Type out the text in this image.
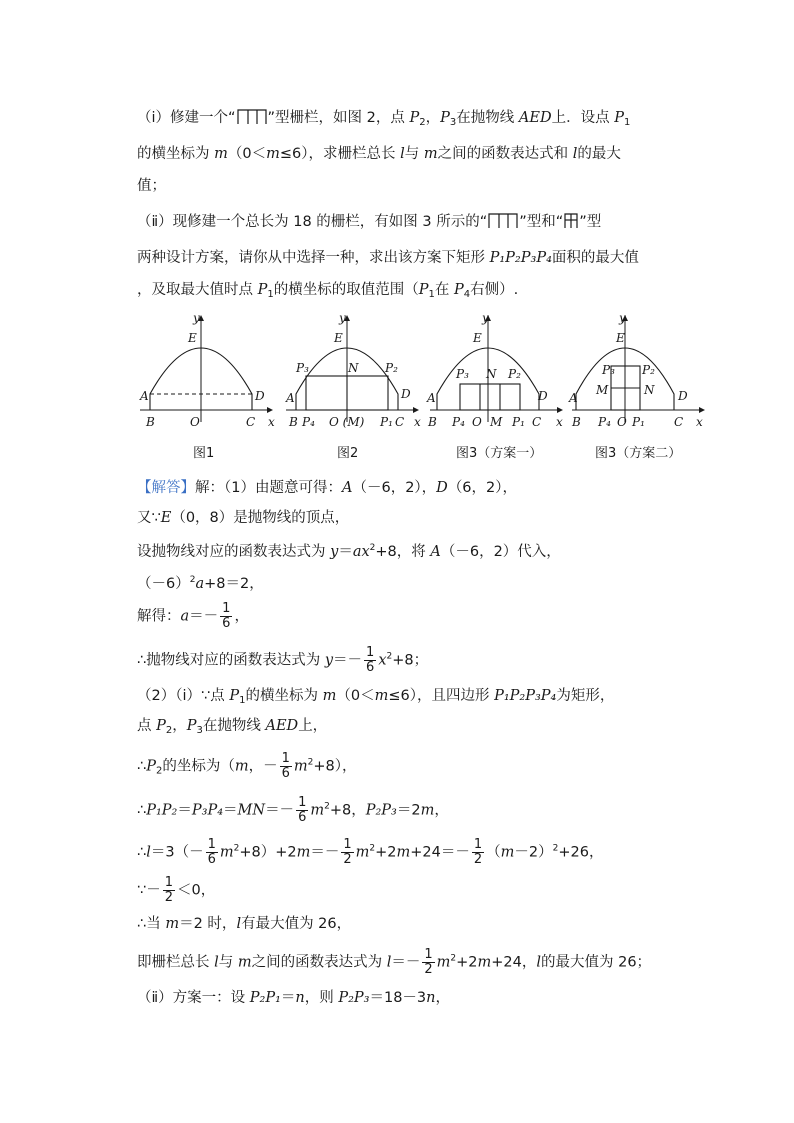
（ⅰ）修建一个“ ”型栅栏，如图 2，点 $P_2$，$P_3$在抛物线 AED上．设点 $P_1$
的横坐标为 m（0＜m≤6），求栅栏总长 l与 m之间的函数表达式和 l的最大
值；
（ⅱ）现修建一个总长为 18 的栅栏，有如图 3 所示的“ ”型和“ ”型
两种设计方案，请你从中选择一种，求出该方案下矩形 P₁P₂P₃P₄面积的最大值
，及取最大值时点 $P_1$的横坐标的取值范围（$P_1$在 $P_4$右侧）.
y
E
A	D
B	O	C x
图1
y
E
P₃	P₂
N
A	D
B P₄ O (M) P₁ C x
图2
y
E
P₃ N P₂
A	D
B P₄ O M P₁ C x
图3（方案一）
y
E
P₃ P₂
M	N
A	D
B P₄ O P₁ C x
图3（方案二）
【解答】解：（1）由题意可得：A（－6，2），D（6，2），
又∵E（0，8）是抛物线的顶点，
设抛物线对应的函数表达式为 $y=ax^2+8$，将 A（－6，2）代入，
$(-6)^2a+8=2$，
解得：$a=- \frac{1}{6}$ ，
∴抛物线对应的函数表达式为 $y=- \frac{1}{6} x^2+8$；
（2）（ⅰ）∵点 $P_1$的横坐标为 m（0＜m≤6），且四边形 P₁P₂P₃P₄为矩形，
点 $P_2$，$P_3$在抛物线 AED上，
$\therefore P_2$的坐标为（m，－ $\frac{1}{6} m^2+8$），
∴P₁P₂＝P₃P₄＝MN＝－ $\frac{1}{6} m^2+8$，P₂P₃＝2m，
∴l＝3（－ $\frac{1}{6} m^2+8)+2m=- \frac{1}{2} m^2+2m+24=- \frac{1}{2} (m-2)^2+26$，
∵－ $\frac{1}{2} <0$，
∴当 m＝2 时，l有最大值为 26，
即栅栏总长 l与 m之间的函数表达式为 $l=- \frac{1}{2} m^2+2m+24$，l的最大值为 26；
（ⅱ）方案一：设 P₂P₁＝n，则 P₂P₃＝18－3n，
